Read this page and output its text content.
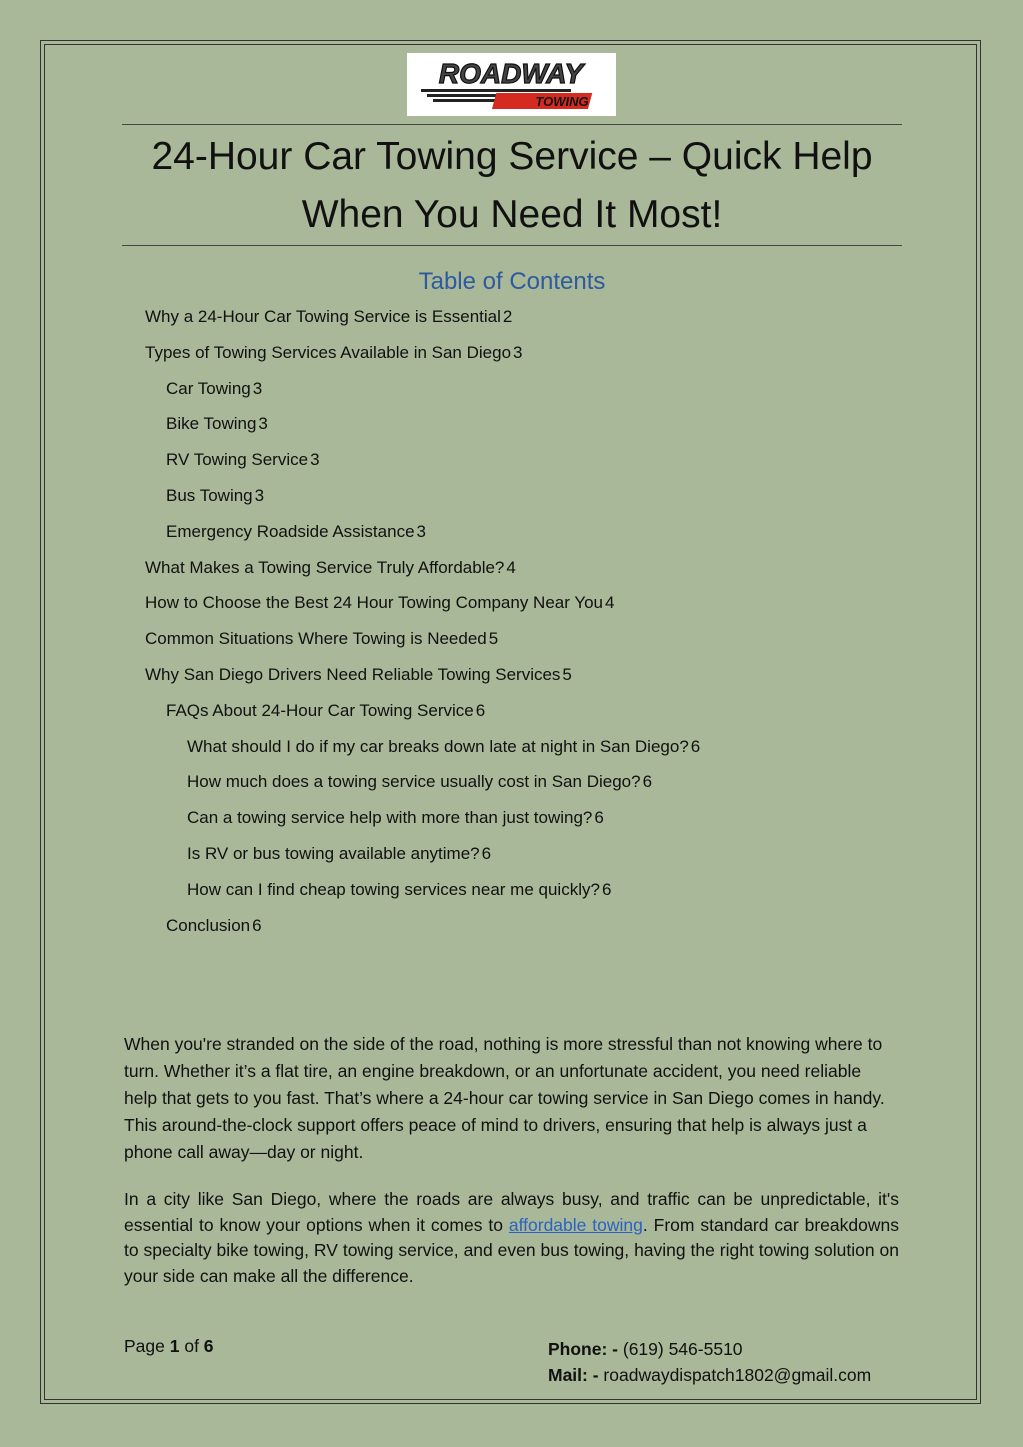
ROADWAY
TOWING
24-Hour Car Towing Service – Quick Help
When You Need It Most!
Table of Contents
Why a 24-Hour Car Towing Service is Essential 2
Types of Towing Services Available in San Diego 3
Car Towing 3
Bike Towing 3
RV Towing Service 3
Bus Towing 3
Emergency Roadside Assistance 3
What Makes a Towing Service Truly Affordable? 4
How to Choose the Best 24 Hour Towing Company Near You 4
Common Situations Where Towing is Needed 5
Why San Diego Drivers Need Reliable Towing Services 5
FAQs About 24-Hour Car Towing Service 6
What should I do if my car breaks down late at night in San Diego? 6
How much does a towing service usually cost in San Diego? 6
Can a towing service help with more than just towing? 6
Is RV or bus towing available anytime? 6
How can I find cheap towing services near me quickly? 6
Conclusion 6

When you're stranded on the side of the road, nothing is more stressful than not knowing where to turn. Whether it’s a flat tire, an engine breakdown, or an unfortunate accident, you need reliable help that gets to you fast. That’s where a 24-hour car towing service in San Diego comes in handy. This around-the-clock support offers peace of mind to drivers, ensuring that help is always just a phone call away—day or night.

In a city like San Diego, where the roads are always busy, and traffic can be unpredictable, it's essential to know your options when it comes to affordable towing. From standard car breakdowns to specialty bike towing, RV towing service, and even bus towing, having the right towing solution on your side can make all the difference.

Page 1 of 6	Phone: - (619) 546-5510
Mail: - roadwaydispatch1802@gmail.com
